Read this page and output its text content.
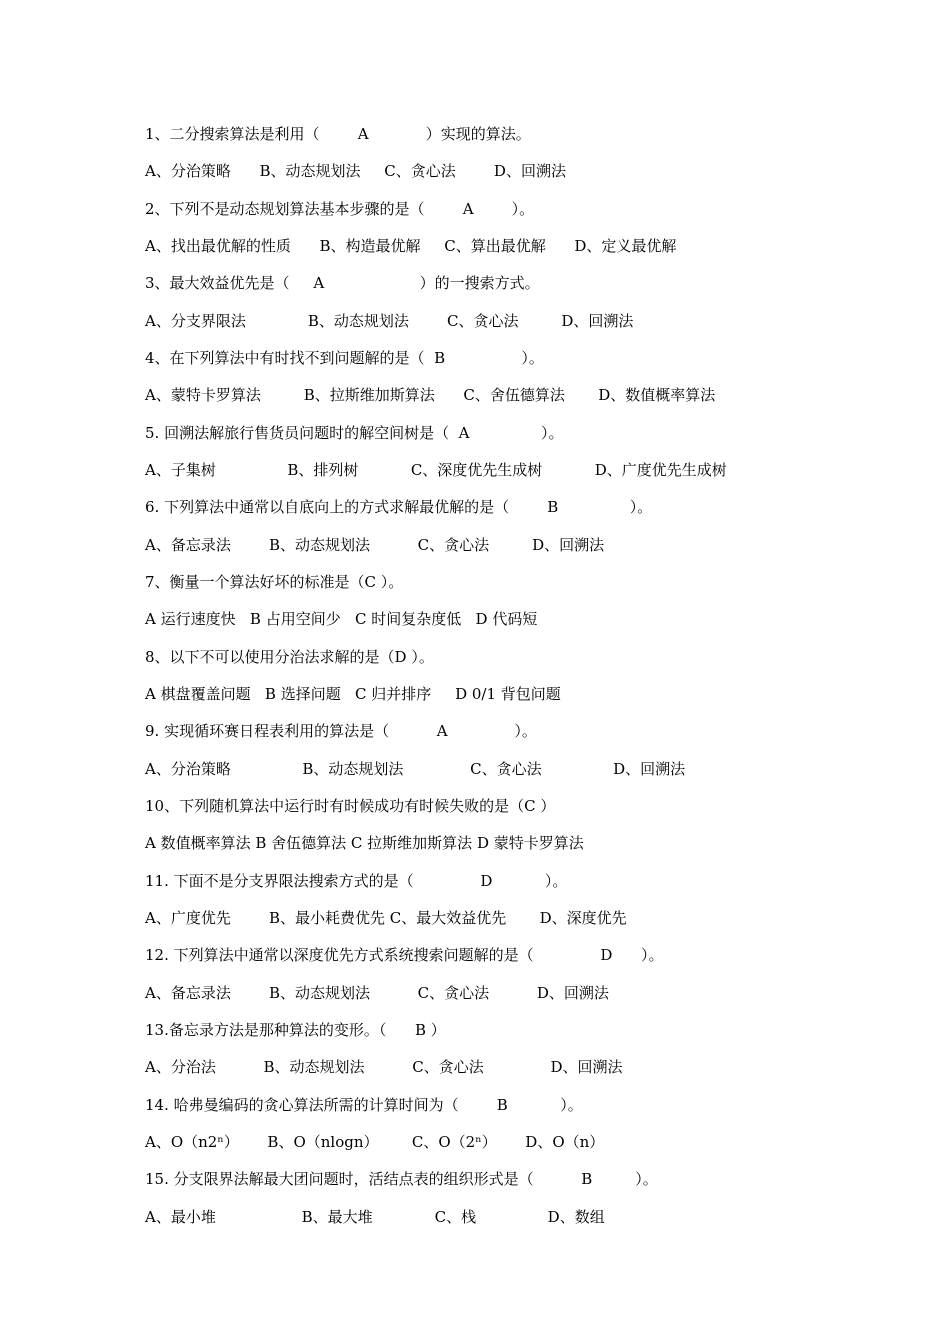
1、二分搜索算法是利用（        A            ）实现的算法。
A、分治策略      B、动态规划法     C、贪心法        D、回溯法
2、下列不是动态规划算法基本步骤的是（        A        ）。
A、找出最优解的性质      B、构造最优解     C、算出最优解      D、定义最优解
3、最大效益优先是（     A                    ）的一搜索方式。
A、分支界限法             B、动态规划法        C、贪心法         D、回溯法
4、在下列算法中有时找不到问题解的是（  B                ）。
A、蒙特卡罗算法         B、拉斯维加斯算法      C、舍伍德算法       D、数值概率算法
5. 回溯法解旅行售货员问题时的解空间树是（  A               ）。
A、子集树               B、排列树           C、深度优先生成树           D、广度优先生成树
6. 下列算法中通常以自底向上的方式求解最优解的是（        B               ）。
A、备忘录法        B、动态规划法          C、贪心法         D、回溯法
7、衡量一个算法好坏的标准是（C ）。
A 运行速度快   B 占用空间少   C 时间复杂度低   D 代码短
8、以下不可以使用分治法求解的是（D ）。
A 棋盘覆盖问题   B 选择问题   C 归并排序     D 0/1 背包问题
9. 实现循环赛日程表利用的算法是（          A              ）。
A、分治策略               B、动态规划法              C、贪心法               D、回溯法
10、下列随机算法中运行时有时候成功有时候失败的是（C ）
A 数值概率算法 B 舍伍德算法 C 拉斯维加斯算法 D 蒙特卡罗算法
11. 下面不是分支界限法搜索方式的是（              D           ）。
A、广度优先        B、最小耗费优先 C、最大效益优先       D、深度优先
12. 下列算法中通常以深度优先方式系统搜索问题解的是（              D      ）。
A、备忘录法        B、动态规划法          C、贪心法          D、回溯法
13.备忘录方法是那种算法的变形。（      B ）
A、分治法          B、动态规划法          C、贪心法              D、回溯法
14. 哈弗曼编码的贪心算法所需的计算时间为（        B           ）。
A、O（n2ⁿ）      B、O（nlogn）       C、O（2ⁿ）      D、O（n）
15. 分支限界法解最大团问题时，活结点表的组织形式是（          B         ）。
A、最小堆                  B、最大堆             C、栈               D、数组
